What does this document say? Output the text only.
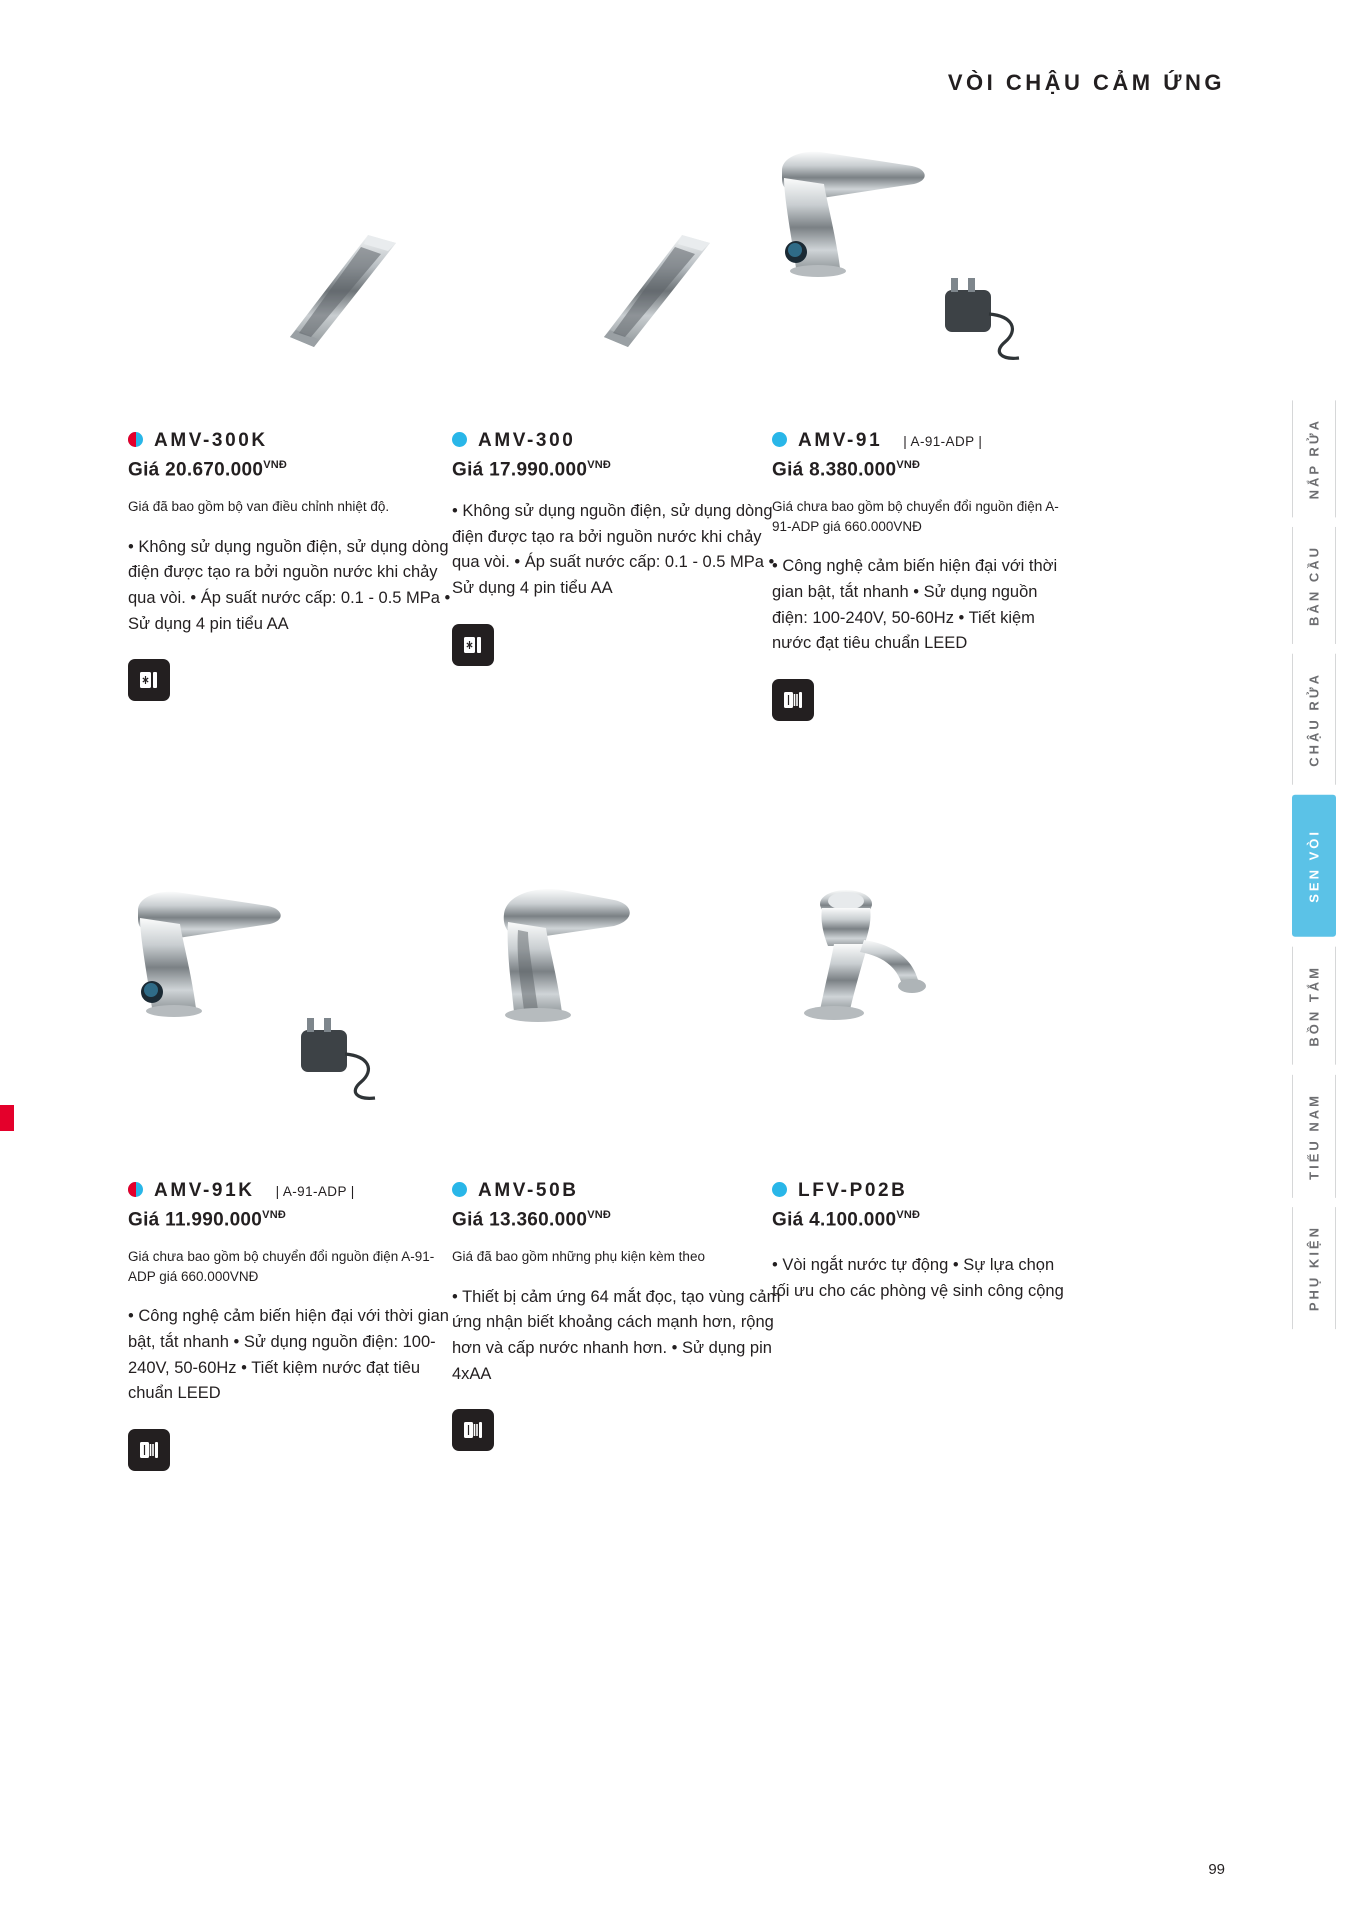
VÒI CHẬU CẢM ỨNG
NẮP RỬA
BÀN CẦU
CHẬU RỬA
SEN VÒI
BỒN TẮM
TIỂU NAM
PHỤ KIỆN
AMV-300K
Giá $20.670.000^{VNĐ}$
Giá đã bao gồm bộ van điều chỉnh nhiệt độ.
• Không sử dụng nguồn điện, sử dụng dòng điện được tạo ra bởi nguồn nước khi chảy qua vòi. • Áp suất nước cấp: 0.1 - 0.5 MPa • Sử dụng 4 pin tiểu AA
AMV-300
Giá $17.990.000^{VNĐ}$
• Không sử dụng nguồn điện, sử dụng dòng điện được tạo ra bởi nguồn nước khi chảy qua vòi. • Áp suất nước cấp: 0.1 - 0.5 MPa • Sử dụng 4 pin tiểu AA
AMV-91 | A-91-ADP |
Giá $8.380.000^{VNĐ}$
Giá chưa bao gồm bộ chuyển đổi nguồn điện A-91-ADP giá 660.000VNĐ
• Công nghệ cảm biến hiện đại với thời gian bật, tắt nhanh • Sử dụng nguồn điện: 100-240V, 50-60Hz • Tiết kiệm nước đạt tiêu chuẩn LEED
AMV-91K | A-91-ADP |
Giá $11.990.000^{VNĐ}$
Giá chưa bao gồm bộ chuyển đổi nguồn điện A-91-ADP giá 660.000VNĐ
• Công nghệ cảm biến hiện đại với thời gian bật, tắt nhanh • Sử dụng nguồn điện: 100-240V, 50-60Hz • Tiết kiệm nước đạt tiêu chuẩn LEED
AMV-50B
Giá $13.360.000^{VNĐ}$
Giá đã bao gồm những phụ kiện kèm theo
• Thiết bị cảm ứng 64 mắt đọc, tạo vùng cảm ứng nhận biết khoảng cách mạnh hơn, rộng hơn và cấp nước nhanh hơn. • Sử dụng pin 4xAA
LFV-P02B
Giá $4.100.000^{VNĐ}$
• Vòi ngắt nước tự động • Sự lựa chọn tối ưu cho các phòng vệ sinh công cộng
99
